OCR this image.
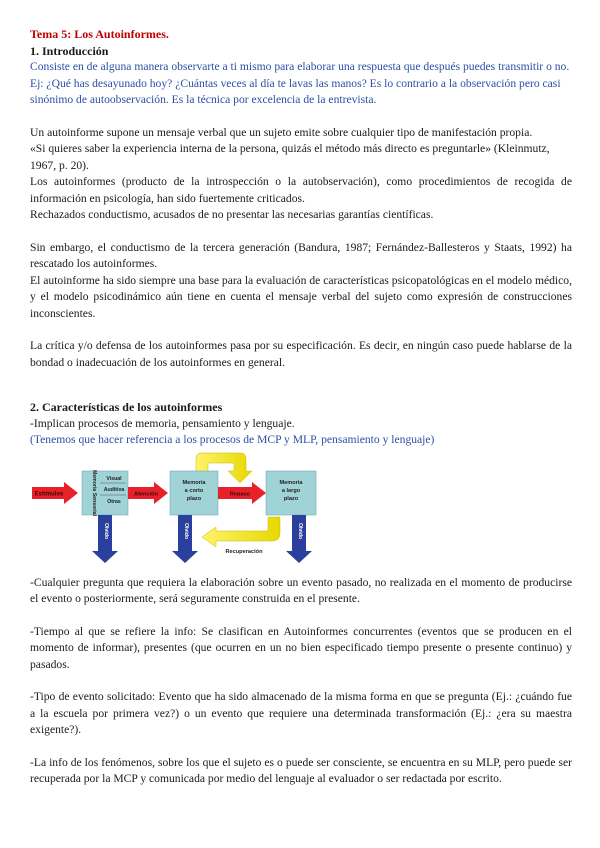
Tema 5: Los Autoinformes.

1. Introducción

Consiste en de alguna manera observarte a ti mismo para elaborar una respuesta que después puedes transmitir o no. Ej: ¿Qué has desayunado hoy? ¿Cuántas veces al día te lavas las manos? Es lo contrario a la observación pero casi sinónimo de autoobservación. Es la técnica por excelencia de la entrevista.

Un autoinforme supone un mensaje verbal que un sujeto emite sobre cualquier tipo de manifestación propia.

«Si quieres saber la experiencia interna de la persona, quizás el método más directo es preguntarle» (Kleinmutz, 1967, p. 20).

Los autoinformes (producto de la introspección o la autobservación), como procedimientos de recogida de información en psicología, han sido fuertemente criticados.

Rechazados conductismo, acusados de no presentar las necesarias garantías científicas.

Sin embargo, el conductismo de la tercera generación (Bandura, 1987; Fernández-Ballesteros y Staats, 1992) ha rescatado los autoinformes.

El autoinforme ha sido siempre una base para la evaluación de características psicopatológicas en el modelo médico, y el modelo psicodinámico aún tiene en cuenta el mensaje verbal del sujeto como expresión de construcciones inconscientes.

La crítica y/o defensa de los autoinformes pasa por su especificación. Es decir, en ningún caso puede hablarse de la bondad o inadecuación de los autoinformes en general.

2. Características de los autoinformes

-Implican procesos de memoria, pensamiento y lenguaje.

(Tenemos que hacer referencia a los procesos de MCP y MLP, pensamiento y lenguaje)

Estímulos	Memoria Sensorial Visual
Auditiva
Otras
Olvido
Atención
Memoria
a corto
plazo
Olvido
Repaso
Memoria
a largo
plazo
Olvido
Recuperación

-Cualquier pregunta que requiera la elaboración sobre un evento pasado, no realizada en el momento de producirse el evento o posteriormente, será seguramente construida en el presente.

-Tiempo al que se refiere la info: Se clasifican en Autoinformes concurrentes (eventos que se producen en el momento de informar), presentes (que ocurren en un no bien especificado tiempo presente o presente continuo) y pasados.

-Tipo de evento solicitado: Evento que ha sido almacenado de la misma forma en que se pregunta (Ej.: ¿cuándo fue a la escuela por primera vez?) o un evento que requiere una determinada transformación (Ej.: ¿era su maestra exigente?).

-La info de los fenómenos, sobre los que el sujeto es o puede ser consciente, se encuentra en su MLP, pero puede ser recuperada por la MCP y comunicada por medio del lenguaje al evaluador o ser redactada por escrito.
